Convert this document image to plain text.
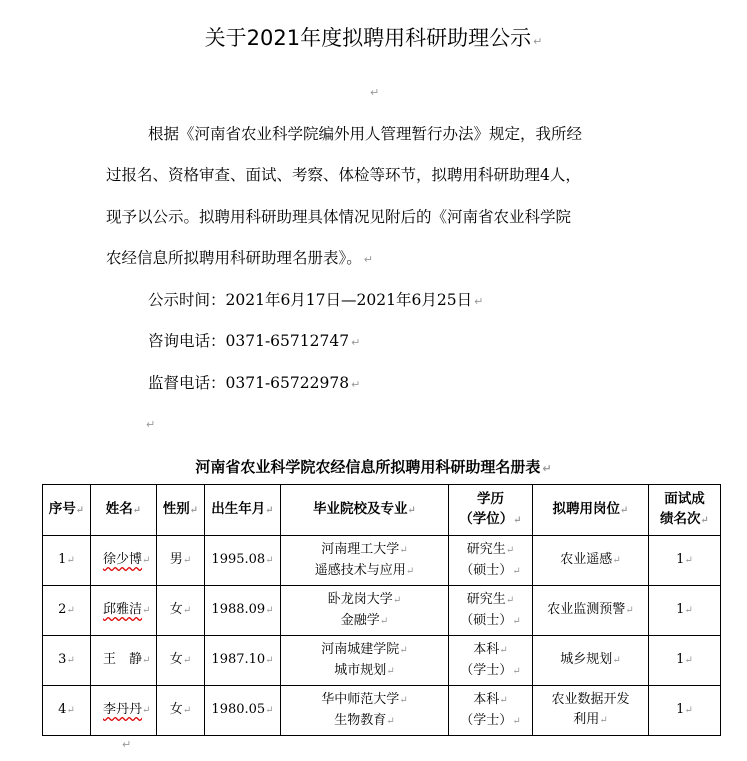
关于2021年度拟聘用科研助理公示 ↵
↵
根据《河南省农业科学院编外用人管理暂行办法》规定，我所经
过报名、资格审查、面试、考察、体检等环节，拟聘用科研助理4人，
现予以公示。拟聘用科研助理具体情况见附后的《河南省农业科学院
农经信息所拟聘用科研助理名册表》。 ↵
公示时间：2021年6月17日—2021年6月25日 ↵
咨询电话：0371-65712747 ↵
监督电话：0371-65722978 ↵
↵
河南省农业科学院农经信息所拟聘用科研助理名册表 ↵
序号↵	姓名↵	性别↵	出生年月↵	毕业院校及专业↵	学历
（学位）↵	拟聘用岗位↵	面试成
绩名次↵
1↵	徐少博↵	男↵	1995.08↵	河南理工大学↵
遥感技术与应用↵	研究生↵
（硕士）↵	农业遥感↵	1↵
2↵	邱雅洁↵	女↵	1988.09↵	卧龙岗大学↵
金融学↵	研究生↵
（硕士）↵	农业监测预警↵	1↵
3↵	王　静↵	女↵	1987.10↵	河南城建学院↵
城市规划↵	本科↵
（学士）↵	城乡规划↵	1↵
4↵	李丹丹↵	女↵	1980.05↵	华中师范大学↵
生物教育↵	本科↵
（学士）↵	农业数据开发
利用↵	1↵
↵
